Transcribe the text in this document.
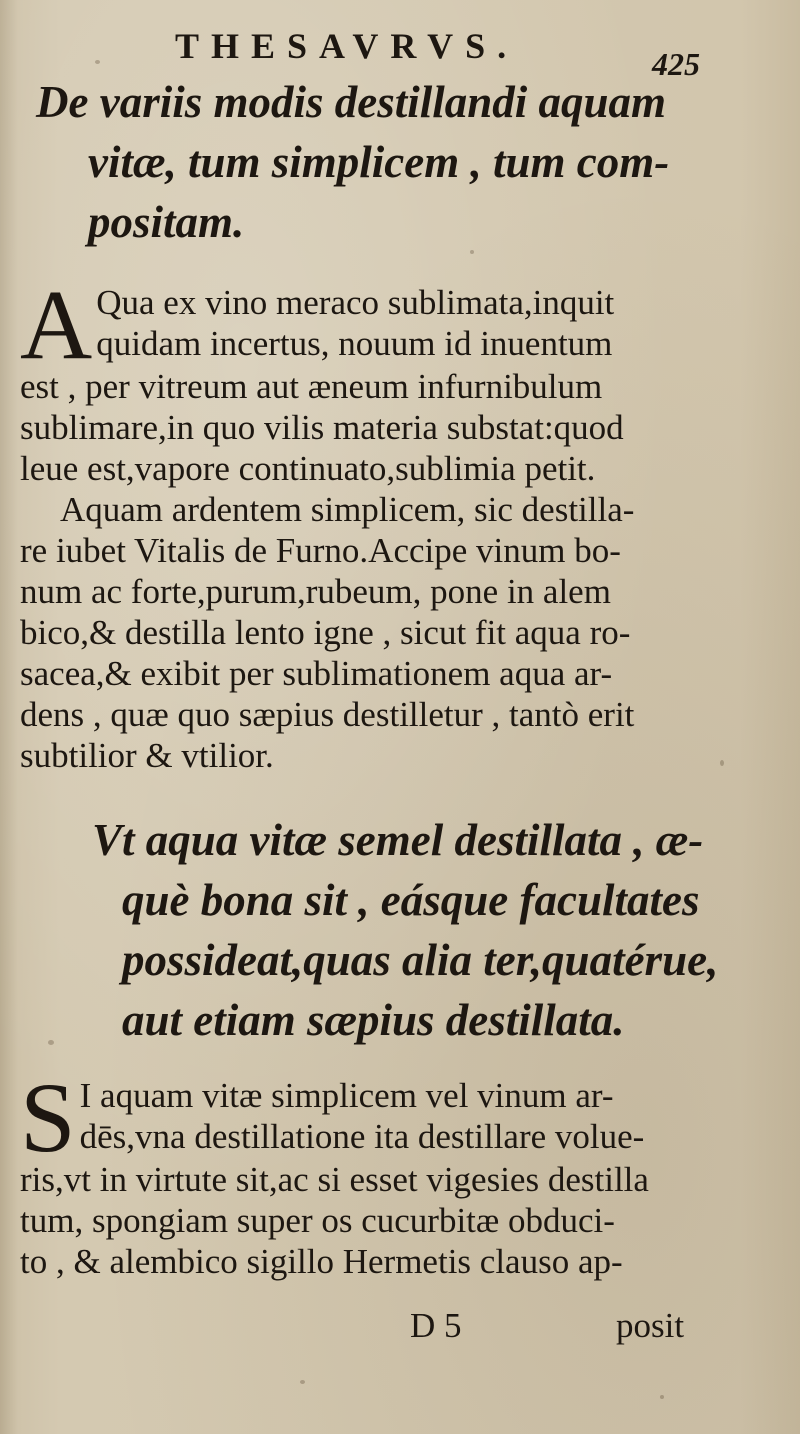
THESAVRVS.	425
De variis modis destillandi aquam
vitæ, tum simplicem , tum com-
positam.
A Qua ex vino meraco sublimata,inquit
quidam incertus, nouum id inuentum
est , per vitreum aut æneum infurnibulum
sublimare,in quo vilis materia substat:quod
leue est,vapore continuato,sublimia petit.
Aquam ardentem simplicem, sic destilla-
re iubet Vitalis de Furno.Accipe vinum bo-
num ac forte,purum,rubeum, pone in alem
bico,& destilla lento igne , sicut fit aqua ro-
sacea,& exibit per sublimationem aqua ar-
dens , quæ quo sæpius destilletur , tantò erit
subtilior & vtilior.
Vt aqua vitæ semel destillata , æ-
què bona sit , eásque facultates
possideat,quas alia ter,quatérue,
aut etiam sæpius destillata.
S I aquam vitæ simplicem vel vinum ar-
dēs,vna destillatione ita destillare volue-
ris,vt in virtute sit,ac si esset vigesies destilla
tum, spongiam super os cucurbitæ obduci-
to , & alembico sigillo Hermetis clauso ap-
D 5	posit
